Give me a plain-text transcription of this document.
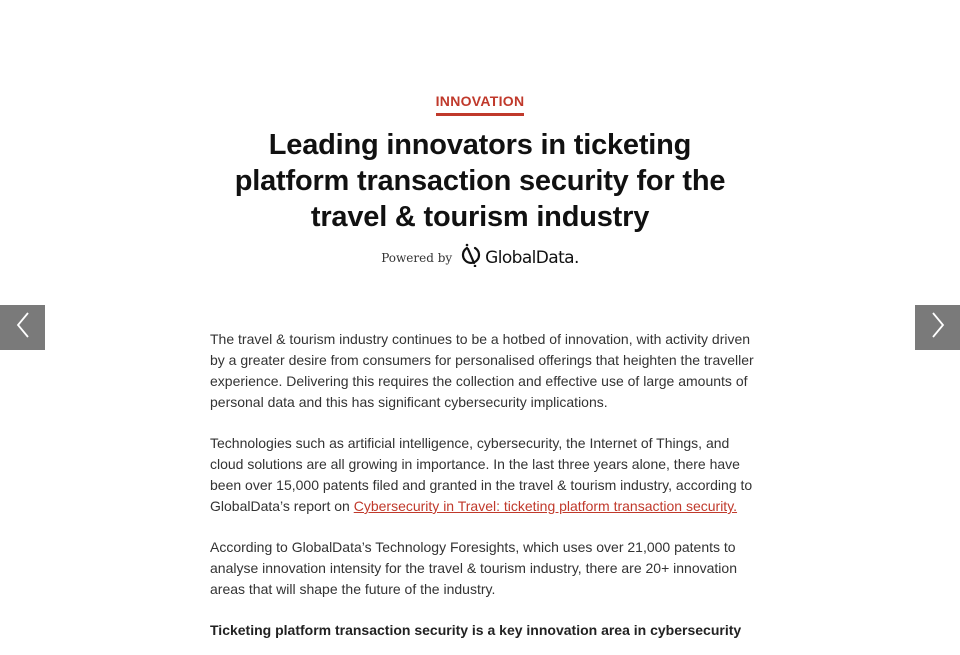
INNOVATION
Leading innovators in ticketing platform transaction security for the travel & tourism industry
Powered by GlobalData.

The travel & tourism industry continues to be a hotbed of innovation, with activity driven by a greater desire from consumers for personalised offerings that heighten the traveller experience. Delivering this requires the collection and effective use of large amounts of personal data and this has significant cybersecurity implications.

Technologies such as artificial intelligence, cybersecurity, the Internet of Things, and cloud solutions are all growing in importance. In the last three years alone, there have been over 15,000 patents filed and granted in the travel & tourism industry, according to GlobalData’s report on Cybersecurity in Travel: ticketing platform transaction security.

According to GlobalData’s Technology Foresights, which uses over 21,000 patents to analyse innovation intensity for the travel & tourism industry, there are 20+ innovation areas that will shape the future of the industry.

Ticketing platform transaction security is a key innovation area in cybersecurity
